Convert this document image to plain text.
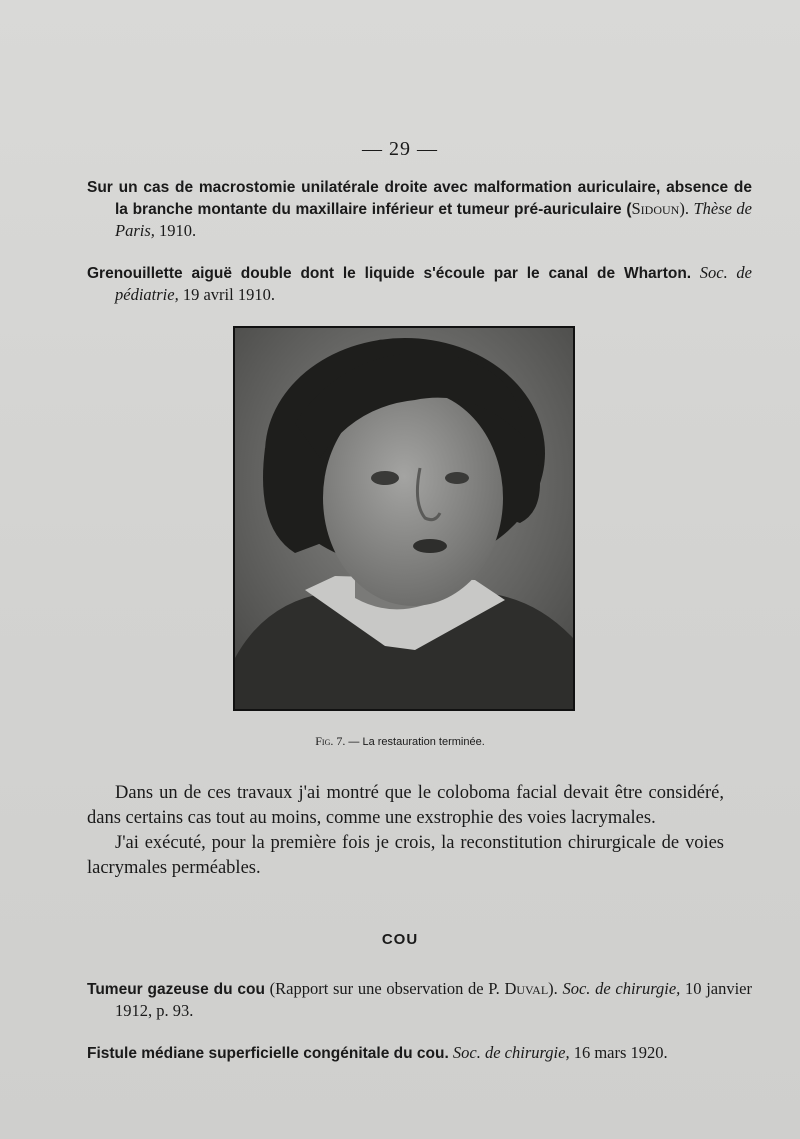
— 29 —
Sur un cas de macrostomie unilatérale droite avec malformation auriculaire, absence de la branche montante du maxillaire inférieur et tumeur pré-auriculaire (Sidoun). Thèse de Paris, 1910.
Grenouillette aiguë double dont le liquide s'écoule par le canal de Wharton. Soc. de pédiatrie, 19 avril 1910.
Fig. 7. — La restauration terminée.

Dans un de ces travaux j'ai montré que le coloboma facial devait être considéré, dans certains cas tout au moins, comme une exstrophie des voies lacrymales.

J'ai exécuté, pour la première fois je crois, la reconstitution chirurgicale de voies lacrymales perméables.

COU
Tumeur gazeuse du cou (Rapport sur une observation de P. Duval). Soc. de chirurgie, 10 janvier 1912, p. 93.
Fistule médiane superficielle congénitale du cou. Soc. de chirurgie, 16 mars 1920.
